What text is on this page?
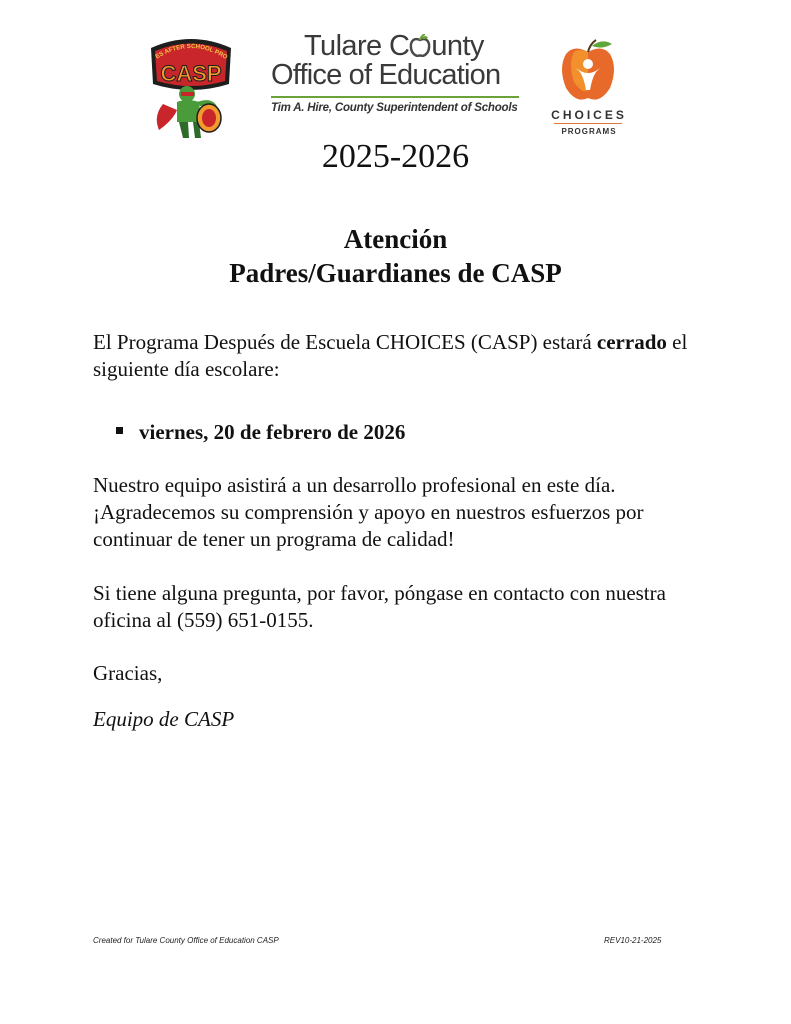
ES AFTER SCHOOL PRO
CASP
Tulare C unty
Office of Education
Tim A. Hire, County Superintendent of Schools	CHOICES
PROGRAMS
2025-2026
Atención
Padres/Guardianes de CASP
El Programa Después de Escuela CHOICES (CASP) estará cerrado el siguiente día escolare:
viernes, 20 de febrero de 2026
Nuestro equipo asistirá a un desarrollo profesional en este día. ¡Agradecemos su comprensión y apoyo en nuestros esfuerzos por continuar de tener un programa de calidad!
Si tiene alguna pregunta, por favor, póngase en contacto con nuestra oficina al (559) 651-0155.
Gracias,
Equipo de CASP
Created for Tulare County Office of Education CASP	REV10-21-2025
